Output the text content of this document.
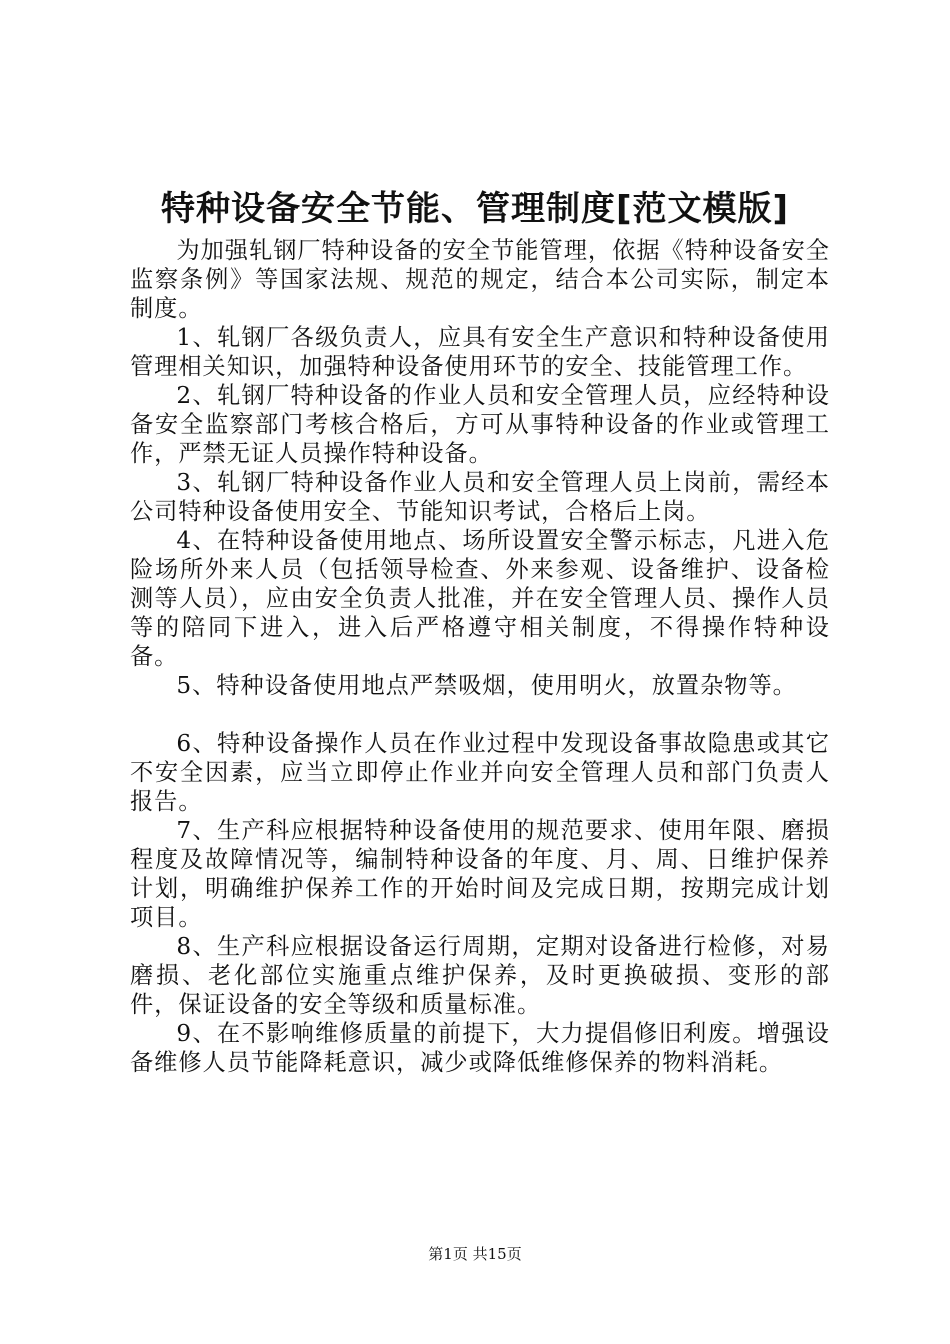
特种设备安全节能、管理制度[范文模版]

为加强轧钢厂特种设备的安全节能管理，依据《特种设备安全监察条例》等国家法规、规范的规定，结合本公司实际，制定本制度。

1、轧钢厂各级负责人，应具有安全生产意识和特种设备使用管理相关知识，加强特种设备使用环节的安全、技能管理工作。

2、轧钢厂特种设备的作业人员和安全管理人员，应经特种设备安全监察部门考核合格后，方可从事特种设备的作业或管理工作，严禁无证人员操作特种设备。

3、轧钢厂特种设备作业人员和安全管理人员上岗前，需经本公司特种设备使用安全、节能知识考试，合格后上岗。

4、在特种设备使用地点、场所设置安全警示标志，凡进入危险场所外来人员（包括领导检查、外来参观、设备维护、设备检测等人员），应由安全负责人批准，并在安全管理人员、操作人员等的陪同下进入，进入后严格遵守相关制度，不得操作特种设备。

5、特种设备使用地点严禁吸烟，使用明火，放置杂物等。

6、特种设备操作人员在作业过程中发现设备事故隐患或其它不安全因素，应当立即停止作业并向安全管理人员和部门负责人报告。

7、生产科应根据特种设备使用的规范要求、使用年限、磨损程度及故障情况等，编制特种设备的年度、月、周、日维护保养计划，明确维护保养工作的开始时间及完成日期，按期完成计划项目。

8、生产科应根据设备运行周期，定期对设备进行检修，对易磨损、老化部位实施重点维护保养，及时更换破损、变形的部件，保证设备的安全等级和质量标准。

9、在不影响维修质量的前提下，大力提倡修旧利废。增强设备维修人员节能降耗意识，减少或降低维修保养的物料消耗。

第1页 共15页
